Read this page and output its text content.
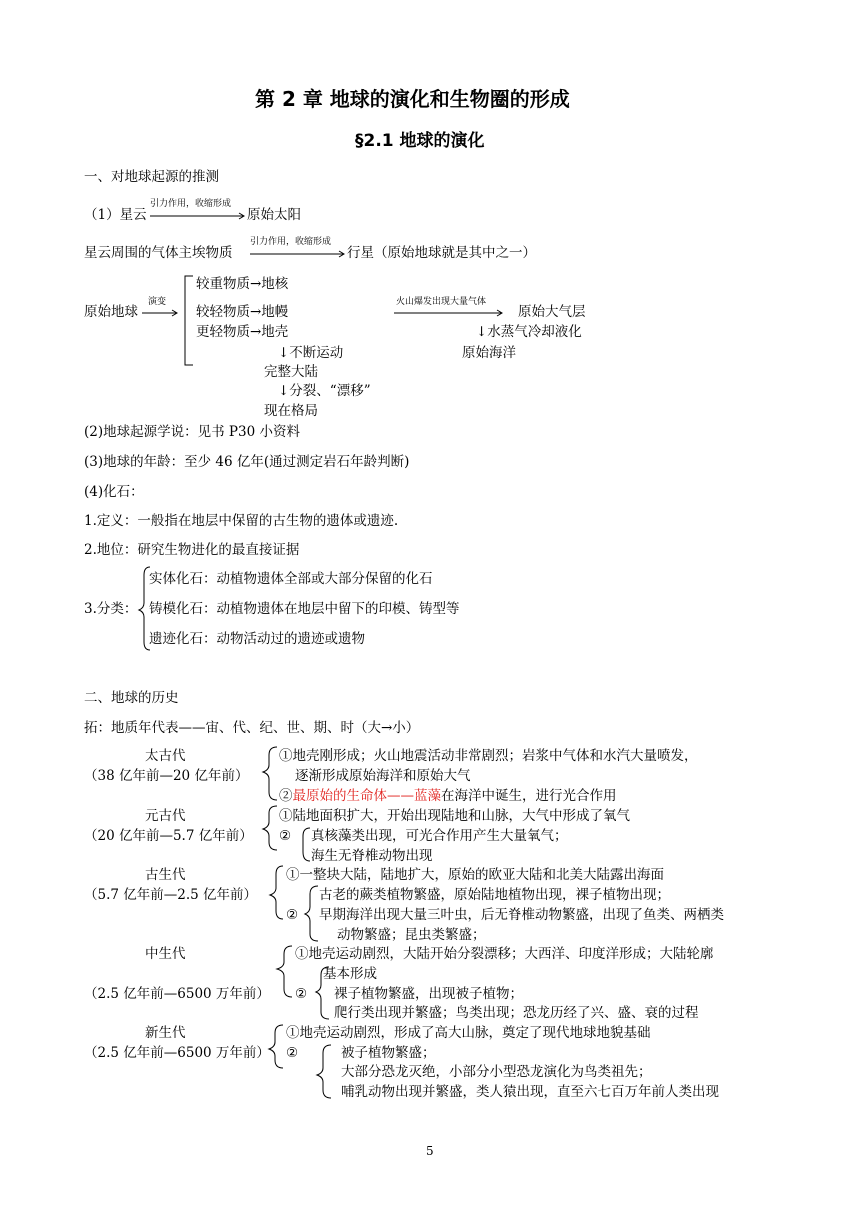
第 2 章 地球的演化和生物圈的形成
§2.1 地球的演化
一、对地球起源的推测
（1）星云
引力作用，收缩形成
原始太阳
星云周围的气体主埃物质
引力作用，收缩形成
行星（原始地球就是其中之一）
原始地球
演变
较重物质→地核
较轻物质→地幔
更轻物质→地壳
火山爆发出现大量气体
原始大气层
↓水蒸气冷却液化
原始海洋
↓不断运动
完整大陆
↓分裂、“漂移”
现在格局
(2)地球起源学说：见书 P30 小资料
(3)地球的年龄：至少 46 亿年(通过测定岩石年龄判断)
(4)化石：
1.定义：一般指在地层中保留的古生物的遗体或遗迹.
2.地位：研究生物进化的最直接证据
3.分类：
实体化石：动植物遗体全部或大部分保留的化石
铸模化石：动植物遗体在地层中留下的印模、铸型等
遗迹化石：动物活动过的遗迹或遗物
二、地球的历史
拓：地质年代表——宙、代、纪、世、期、时（大→小）
太古代
（38 亿年前—20 亿年前）
①地壳刚形成；火山地震活动非常剧烈；岩浆中气体和水汽大量喷发，
逐渐形成原始海洋和原始大气
②最原始的生命体——蓝藻在海洋中诞生，进行光合作用
元古代
（20 亿年前—5.7 亿年前）
①陆地面积扩大，开始出现陆地和山脉，大气中形成了氧气
② 真核藻类出现，可光合作用产生大量氧气；
海生无脊椎动物出现
古生代
（5.7 亿年前—2.5 亿年前）
①一整块大陆，陆地扩大，原始的欧亚大陆和北美大陆露出海面
②
古老的蕨类植物繁盛，原始陆地植物出现，裸子植物出现；
早期海洋出现大量三叶虫，后无脊椎动物繁盛，出现了鱼类、两栖类
动物繁盛；昆虫类繁盛；
中生代
（2.5 亿年前—6500 万年前）
①地壳运动剧烈，大陆开始分裂漂移；大西洋、印度洋形成；大陆轮廓
基本形成
② 裸子植物繁盛，出现被子植物；
爬行类出现并繁盛；鸟类出现；恐龙历经了兴、盛、衰的过程
新生代
（2.5 亿年前—6500 万年前）
①地壳运动剧烈，形成了高大山脉，奠定了现代地球地貌基础
②	被子植物繁盛；
大部分恐龙灭绝，小部分小型恐龙演化为鸟类祖先；
哺乳动物出现并繁盛，类人猿出现，直至六七百万年前人类出现
5
